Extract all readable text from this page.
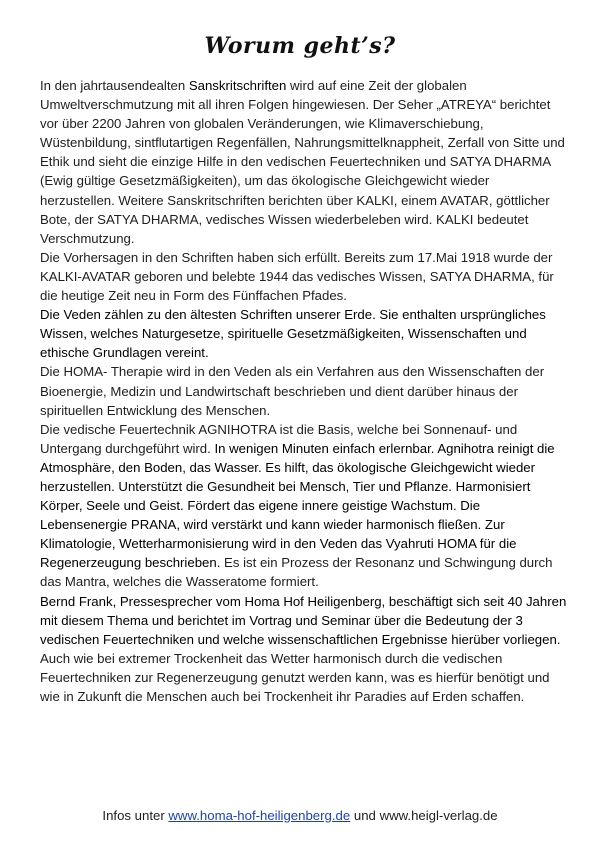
Worum geht’s?

In den jahrtausendealten Sanskritschriften wird auf eine Zeit der globalen Umweltverschmutzung mit all ihren Folgen hingewiesen. Der Seher „ATREYA“ berichtet vor über 2200 Jahren von globalen Veränderungen, wie Klimaverschiebung, Wüstenbildung, sintflutartigen Regenfällen, Nahrungsmittelknappheit, Zerfall von Sitte und Ethik und sieht die einzige Hilfe in den vedischen Feuertechniken und SATYA DHARMA (Ewig gültige Gesetzmäßigkeiten), um das ökologische Gleichgewicht wieder herzustellen. Weitere Sanskritschriften berichten über KALKI, einem AVATAR, göttlicher Bote, der SATYA DHARMA, vedisches Wissen wiederbeleben wird. KALKI bedeutet Verschmutzung.

Die Vorhersagen in den Schriften haben sich erfüllt. Bereits zum 17.Mai 1918 wurde der KALKI-AVATAR geboren und belebte 1944 das vedisches Wissen, SATYA DHARMA, für die heutige Zeit neu in Form des Fünffachen Pfades.

Die Veden zählen zu den ältesten Schriften unserer Erde. Sie enthalten ursprüngliches Wissen, welches Naturgesetze, spirituelle Gesetzmäßigkeiten, Wissenschaften und ethische Grundlagen vereint.

Die HOMA- Therapie wird in den Veden als ein Verfahren aus den Wissenschaften der Bioenergie, Medizin und Landwirtschaft beschrieben und dient darüber hinaus der spirituellen Entwicklung des Menschen.

Die vedische Feuertechnik AGNIHOTRA ist die Basis, welche bei Sonnenauf- und Untergang durchgeführt wird. In wenigen Minuten einfach erlernbar. Agnihotra reinigt die Atmosphäre, den Boden, das Wasser. Es hilft, das ökologische Gleichgewicht wieder herzustellen. Unterstützt die Gesundheit bei Mensch, Tier und Pflanze. Harmonisiert Körper, Seele und Geist. Fördert das eigene innere geistige Wachstum. Die Lebensenergie PRANA, wird verstärkt und kann wieder harmonisch fließen. Zur Klimatologie, Wetterharmonisierung wird in den Veden das Vyahruti HOMA für die Regenerzeugung beschrieben. Es ist ein Prozess der Resonanz und Schwingung durch das Mantra, welches die Wasseratome formiert.

Bernd Frank, Pressesprecher vom Homa Hof Heiligenberg, beschäftigt sich seit 40 Jahren mit diesem Thema und berichtet im Vortrag und Seminar über die Bedeutung der 3 vedischen Feuertechniken und welche wissenschaftlichen Ergebnisse hierüber vorliegen. Auch wie bei extremer Trockenheit das Wetter harmonisch durch die vedischen Feuertechniken zur Regenerzeugung genutzt werden kann, was es hierfür benötigt und wie in Zukunft die Menschen auch bei Trockenheit ihr Paradies auf Erden schaffen.

Infos unter www.homa-hof-heiligenberg.de und www.heigl-verlag.de
